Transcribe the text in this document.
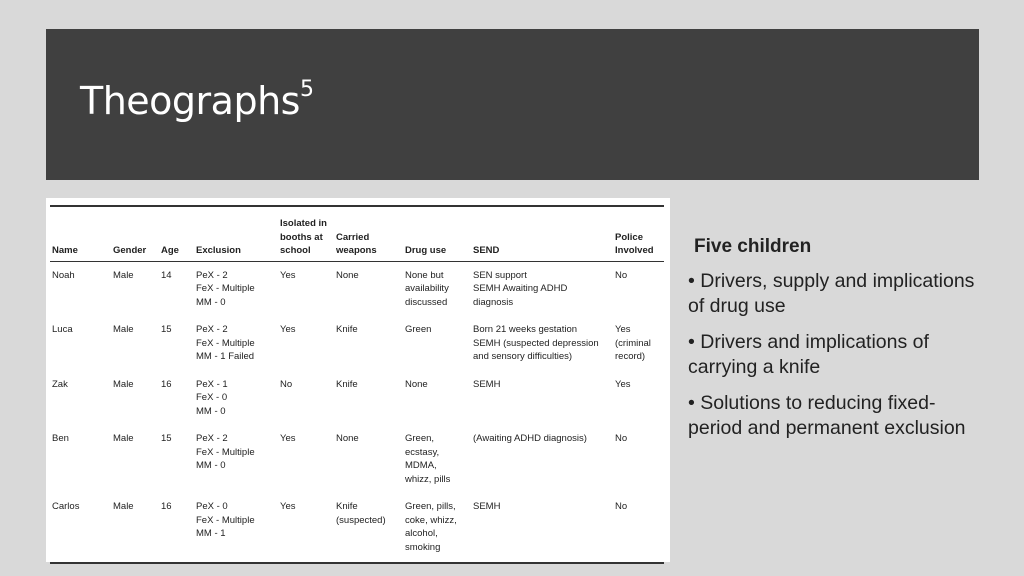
Theographs$^5$
Name	Gender	Age	Exclusion	Isolated in booths at school	Carried weapons	Drug use	SEND	Police Involved
Noah	Male	14	PeX - 2
FeX - Multiple
MM - 0	Yes	None	None but
availability
discussed	SEN support
SEMH Awaiting ADHD
diagnosis	No

Luca	Male	15	PeX - 2
FeX - Multiple
MM - 1 Failed	Yes	Knife	Green	Born 21 weeks gestation
SEMH (suspected depression
and sensory difficulties)	Yes
(criminal
record)

Zak	Male	16	PeX - 1
FeX - 0
MM - 0	No	Knife	None	SEMH	Yes

Ben	Male	15	PeX - 2
FeX - Multiple
MM - 0	Yes	None	Green,
ecstasy,
MDMA,
whizz, pills	(Awaiting ADHD diagnosis)	No

Carlos	Male	16	PeX - 0
FeX - Multiple
MM - 1	Yes	Knife
(suspected)	Green, pills,
coke, whizz,
alcohol,
smoking	SEMH	No
Five children
• Drivers, supply and implications of drug use
• Drivers and implications of carrying a knife
• Solutions to reducing fixed-period and permanent exclusion
